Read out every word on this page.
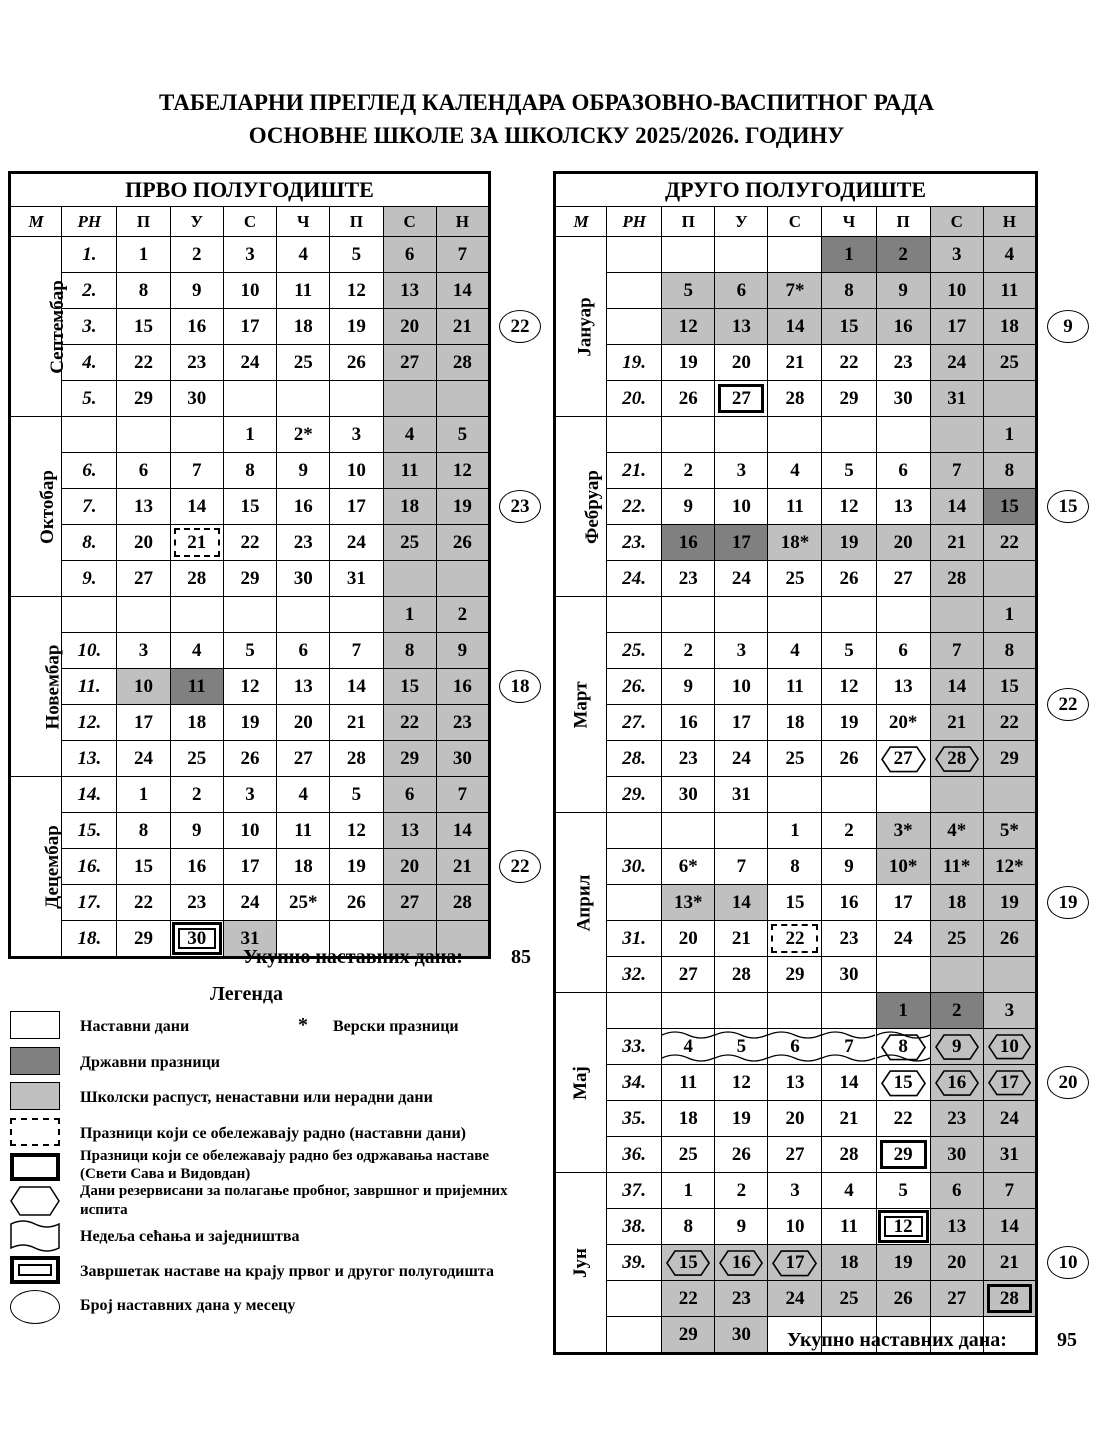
ТАБЕЛАРНИ ПРЕГЛЕД КАЛЕНДАРА ОБРАЗОВНО-ВАСПИТНОГ РАДА
ОСНОВНЕ ШКОЛЕ ЗА ШКОЛСКУ 2025/2026. ГОДИНУ
ПРВО ПОЛУГОДИШТЕ								
М	РН	П	У	С	Ч	П	С	Н
Септембар	1.	1	2	3	4	5	6	7
	2.	8	9	10	11	12	13	14
	3.	15	16	17	18	19	20	21
	4.	22	23	24	25	26	27	28
	5.	29	30					
Октобар				1	2*	3	4	5
	6.	6	7	8	9	10	11	12
	7.	13	14	15	16	17	18	19
	8.	20	21	22	23	24	25	26
	9.	27	28	29	30	31		
Новембар							1	2
	10.	3	4	5	6	7	8	9
	11.	10	11	12	13	14	15	16
	12.	17	18	19	20	21	22	23
	13.	24	25	26	27	28	29	30
Децембар	14.	1	2	3	4	5	6	7
	15.	8	9	10	11	12	13	14
	16.	15	16	17	18	19	20	21
	17.	22	23	24	25*	26	27	28
	18.	29	30	31				
ДРУГО ПОЛУГОДИШТЕ								
М	РН	П	У	С	Ч	П	С	Н
Јануар					1	2	3	4
		5	6	7*	8	9	10	11
		12	13	14	15	16	17	18
	19.	19	20	21	22	23	24	25
	20.	26	27	28	29	30	31	
Фебруар								1
	21.	2	3	4	5	6	7	8
	22.	9	10	11	12	13	14	15
	23.	16	17	18*	19	20	21	22
	24.	23	24	25	26	27	28	
Март								1
	25.	2	3	4	5	6	7	8
	26.	9	10	11	12	13	14	15
	27.	16	17	18	19	20*	21	22
	28.	23	24	25	26	27	28	29
	29.	30	31					
Април				1	2	3*	4*	5*
	30.	6*	7	8	9	10*	11*	12*
		13*	14	15	16	17	18	19
	31.	20	21	22	23	24	25	26
	32.	27	28	29	30			
Мај						1	2	3
	33.	4	5	6	7	8	9	10
	34.	11	12	13	14	15	16	17
	35.	18	19	20	21	22	23	24
	36.	25	26	27	28	29	30	31
Јун	37.	1	2	3	4	5	6	7
	38.	8	9	10	11	12	13	14
	39.	15	16	17	18	19	20	21
		22	23	24	25	26	27	28
		29	30					
Укупно наставних дана: 85
Укупно наставних дана:	95
Легенда
Наставни дани	*	Верски празници
Државни празници
Школски распуст, ненаставни или нерадни дани
Празници који се обележавају радно (наставни дани)
Празници који се обележавају радно без одржавања наставе
(Свети Сава и Видовдан)
Дани резервисани за полагање пробног, завршног и пријемних
испита
Недеља сећања и заједништва
Завршетак наставе на крају првог и другог полугодишта
Број наставних дана у месецу
22
23
18
22
9
15
22
19
20
10
